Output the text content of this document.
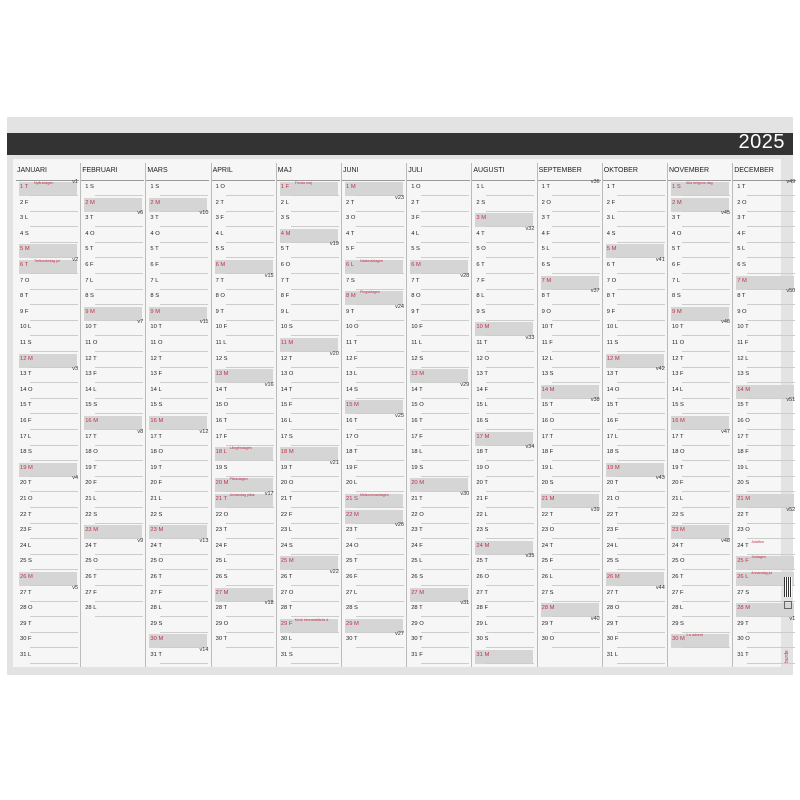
2025
JANUARI
1 T
Nyårsdagen	v1
2 F
3 L
4 S
5 M
6 T
Trettondedag jul v2
7 O
8 T
9 F
10 L
11 S
12 M
13 T
v3
14 O
15 T
16 F
17 L
18 S
19 M
20 T
v4
21 O
22 T
23 F
24 L
25 S
26 M
27 T
v5
28 O
29 T
30 F
31 L
FEBRUARI
1 S
2 M
3 T
v6
4 O
5 T
6 F
7 L
8 S
9 M
10 T
v7
11 O
12 T
13 F
14 L
15 S
16 M
17 T
v8
18 O
19 T
20 F
21 L
22 S
23 M
24 T
v9
25 O
26 T
27 F
28 L
MARS
1 S
2 M
3 T
v10
4 O
5 T
6 F
7 L
8 S
9 M
10 T
v11
11 O
12 T
13 F
14 L
15 S
16 M
17 T
v12
18 O
19 T
20 F
21 L
22 S
23 M
24 T
v13
25 O
26 T
27 F
28 L
29 S
30 M
31 T
v14
APRIL
1 O
2 T
3 F
4 L
5 S
6 M
7 T
v15
8 O
9 T
10 F
11 L
12 S
13 M
14 T
v16
15 O
16 T
17 F
18 L
Långfredagen
19 S
20 M
Påskdagen
21 T
Annandag påsk v17
22 O
23 T
24 F
25 L
26 S
27 M
28 T
v18
29 O
30 T
MAJ
1 F
Första maj
2 L
3 S
4 M
5 T
v19
6 O
7 T
8 F
9 L
10 S
11 M
12 T
v20
13 O
14 T
15 F
16 L
17 S
18 M
19 T
v21
20 O
21 T
22 F
23 L
24 S
25 M
26 T
v22
27 O
28 T
29 F
Kristi himmelsfärds d.
30 L
31 S
JUNI
1 M
2 T
v23
3 O
4 T
5 F
6 L
Nationaldagen
7 S
8 M
Pingstdagen
9 T
v24
10 O
11 T
12 F
13 L
14 S
15 M
16 T
v25
17 O
18 T
19 F
20 L
21 S
Midsommardagen
22 M
23 T
v26
24 O
25 T
26 F
27 L
28 S
29 M
30 T
v27
JULI
1 O
2 T
3 F
4 L
5 S
6 M
7 T
v28
8 O
9 T
10 F
11 L
12 S
13 M
14 T
v29
15 O
16 T
17 F
18 L
19 S
20 M
21 T
v30
22 O
23 T
24 F
25 L
26 S
27 M
28 T
v31
29 O
30 T
31 F
AUGUSTI
1 L
2 S
3 M
4 T
v32
5 O
6 T
7 F
8 L
9 S
10 M
11 T
v33
12 O
13 T
14 F
15 L
16 S
17 M
18 T
v34
19 O
20 T
21 F
22 L
23 S
24 M
25 T
v35
26 O
27 T
28 F
29 L
30 S
31 M
SEPTEMBER
1 T
v36
2 O
3 T
4 F
5 L
6 S
7 M
8 T
v37
9 O
10 T
11 F
12 L
13 S
14 M
15 T
v38
16 O
17 T
18 F
19 L
20 S
21 M
22 T
v39
23 O
24 T
25 F
26 L
27 S
28 M
29 T
v40
30 O
OKTOBER
1 T
2 F
3 L
4 S
5 M
6 T
v41
7 O
8 T
9 F
10 L
11 S
12 M
13 T
v42
14 O
15 T
16 F
17 L
18 S
19 M
20 T
v43
21 O
22 T
23 F
24 L
25 S
26 M
27 T
v44
28 O
29 T
30 F
31 L
NOVEMBER
1 S
Alla helgons dag
2 M
3 T
v45
4 O
5 T
6 F
7 L
8 S
9 M
10 T
v46
11 O
12 T
13 F
14 L
15 S
16 M
17 T
v47
18 O
19 T
20 F
21 L
22 S
23 M
24 T
v48
25 O
26 T
27 F
28 L
29 S
30 M
1:a advent
DECEMBER
1 T
v49
2 O
3 T
4 F
5 L
6 S
7 M
8 T
v50
9 O
10 T
11 F
12 L
13 S
14 M
15 T
v51
16 O
17 T
18 F
19 L
20 S
21 M
22 T
v52
23 O
24 T
Julafton
25 F
Juldagen
26 L
Annandag jul
27 S
28 M
29 T
v1
30 O
31 T	burde
